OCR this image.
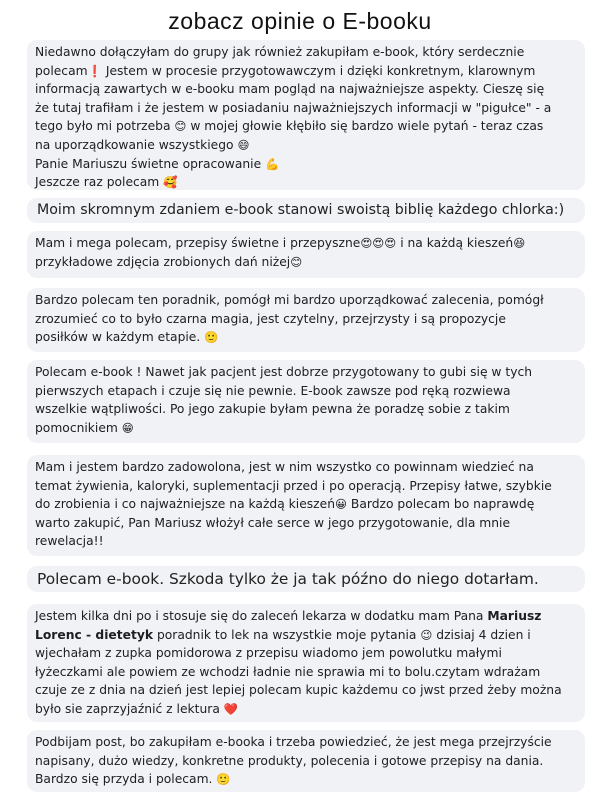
zobacz opinie o E-booku
Niedawno dołączyłam do grupy jak również zakupiłam e-book, który serdecznie
polecam❗ Jestem w procesie przygotowawczym i dzięki konkretnym, klarownym
informacją zawartych w e-booku mam pogląd na najważniejsze aspekty. Cieszę się
że tutaj trafiłam i że jestem w posiadaniu najważniejszych informacji w "pigułce" - a
tego było mi potrzeba 😊 w mojej głowie kłębiło się bardzo wiele pytań - teraz czas
na uporządkowanie wszystkiego 😄
Panie Mariuszu świetne opracowanie 💪
Jeszcze raz polecam 🥰
Moim skromnym zdaniem e-book stanowi swoistą biblię każdego chlorka:)
Mam i mega polecam, przepisy świetne i przepyszne😍😍😍 i na każdą kieszeń😆
przykładowe zdjęcia zrobionych dań niżej😊
Bardzo polecam ten poradnik, pomógł mi bardzo uporządkować zalecenia, pomógł
zrozumieć co to było czarna magia, jest czytelny, przejrzysty i są propozycje
posiłków w każdym etapie. 🙂
Polecam e-book ! Nawet jak pacjent jest dobrze przygotowany to gubi się w tych
pierwszych etapach i czuje się nie pewnie. E-book zawsze pod ręką rozwiewa
wszelkie wątpliwości. Po jego zakupie byłam pewna że poradzę sobie z takim
pomocnikiem 😁
Mam i jestem bardzo zadowolona, jest w nim wszystko co powinnam wiedzieć na
temat żywienia, kaloryki, suplementacji przed i po operacją. Przepisy łatwe, szybkie
do zrobienia i co najważniejsze na każdą kieszeń😀 Bardzo polecam bo naprawdę
warto zakupić, Pan Mariusz włożył całe serce w jego przygotowanie, dla mnie
rewelacja!!
Polecam e-book. Szkoda tylko że ja tak późno do niego dotarłam.
Jestem kilka dni po i stosuje się do zaleceń lekarza w dodatku mam Pana Mariusz
Lorenc - dietetyk poradnik to lek na wszystkie moje pytania 😉 dzisiaj 4 dzien i
wjechałam z zupka pomidorowa z przepisu wiadomo jem powolutku małymi
łyżeczkami ale powiem ze wchodzi ładnie nie sprawia mi to bolu.czytam wdrażam
czuje ze z dnia na dzień jest lepiej polecam kupic każdemu co jwst przed żeby można
było sie zaprzyjaźnić z lektura ❤️
Podbijam post, bo zakupiłam e-booka i trzeba powiedzieć, że jest mega przejrzyście
napisany, dużo wiedzy, konkretne produkty, polecenia i gotowe przepisy na dania.
Bardzo się przyda i polecam. 🙂
